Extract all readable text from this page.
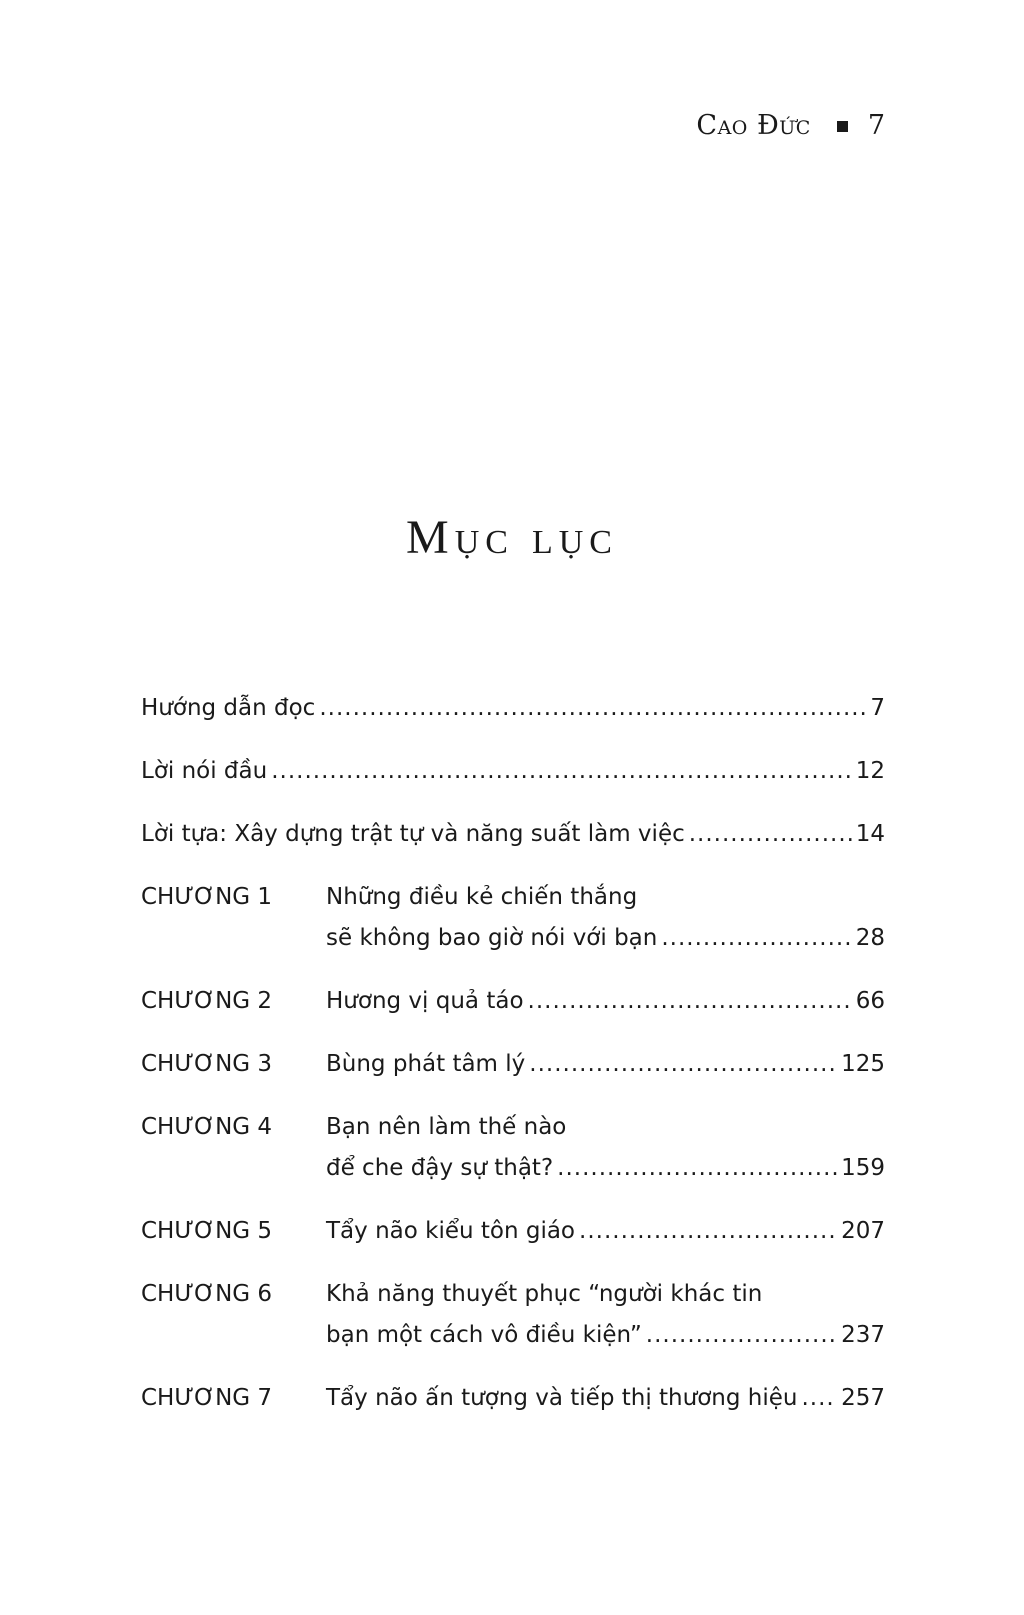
Cao Đức 7
Mục lục
Hướng dẫn đọc .....	7
Lời nói đầu .....	12
Lời tựa: Xây dựng trật tự và năng suất làm việc .....	14
CHƯƠNG 1	Những điều kẻ chiến thắng
sẽ không bao giờ nói với bạn .....	28
CHƯƠNG 2	Hương vị quả táo .....	66
CHƯƠNG 3	Bùng phát tâm lý .....	125
CHƯƠNG 4	Bạn nên làm thế nào
để che đậy sự thật? .....	159
CHƯƠNG 5	Tẩy não kiểu tôn giáo .....	207
CHƯƠNG 6	Khả năng thuyết phục “người khác tin
bạn một cách vô điều kiện” .....	237
CHƯƠNG 7	Tẩy não ấn tượng và tiếp thị thương hiệu ..... 257
